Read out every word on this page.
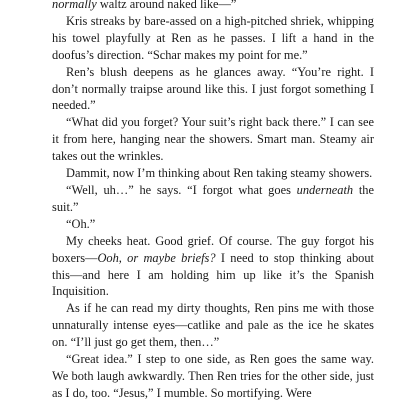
normally waltz around naked like—”

Kris streaks by bare-assed on a high-pitched shriek, whipping his towel playfully at Ren as he passes. I lift a hand in the doofus’s direction. “Schar makes my point for me.”

Ren’s blush deepens as he glances away. “You’re right. I don’t normally traipse around like this. I just forgot something I needed.”

“What did you forget? Your suit’s right back there.” I can see it from here, hanging near the showers. Smart man. Steamy air takes out the wrinkles.

Dammit, now I’m thinking about Ren taking steamy showers.

“Well, uh…” he says. “I forgot what goes underneath the suit.”

“Oh.”

My cheeks heat. Good grief. Of course. The guy forgot his boxers—Ooh, or maybe briefs? I need to stop thinking about this—and here I am holding him up like it’s the Spanish Inquisition.

As if he can read my dirty thoughts, Ren pins me with those unnaturally intense eyes—catlike and pale as the ice he skates on. “I’ll just go get them, then…”

“Great idea.” I step to one side, as Ren goes the same way. We both laugh awkwardly. Then Ren tries for the other side, just as I do, too. “Jesus,” I mumble. So mortifying. Were
